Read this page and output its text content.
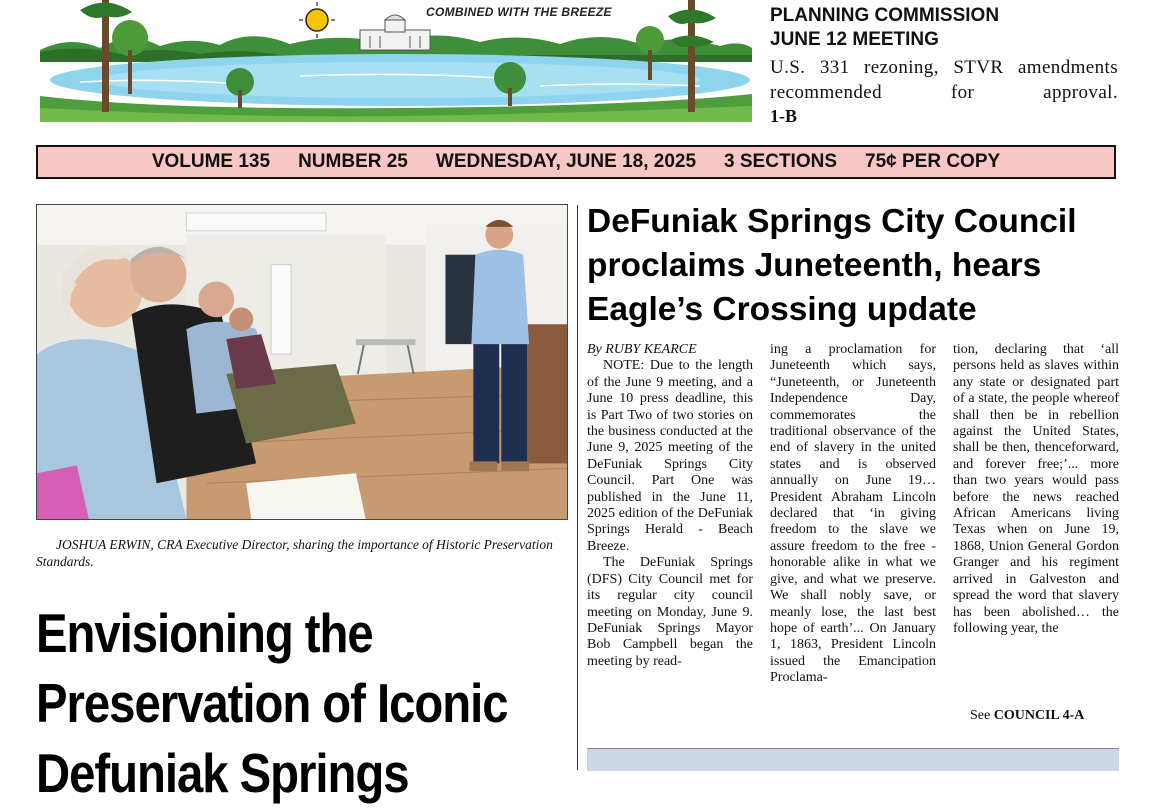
COMBINED WITH THE BREEZE	PLANNING COMMISSION
JUNE 12 MEETING
U.S. 331 rezoning, STVR amendments recommended for approval.
1-B
VOLUME 135 NUMBER 25 WEDNESDAY, JUNE 18, 2025 3 SECTIONS 75¢ PER COPY
JOSHUA ERWIN, CRA Executive Director, sharing the importance of Historic Preservation Standards.
Envisioning the
Preservation of Iconic
Defuniak Springs
DeFuniak Springs City Council
proclaims Juneteenth, hears
Eagle’s Crossing update

By RUBY KEARCE

NOTE: Due to the length of the June 9 meeting, and a June 10 press deadline, this is Part Two of two stories on the business conducted at the June 9, 2025 meeting of the DeFuniak Springs City Council. Part One was published in the June 11, 2025 edition of the DeFuniak Springs Herald - Beach Breeze.

The DeFuniak Springs (DFS) City Council met for its regular city council meeting on Monday, June 9. DeFuniak Springs Mayor Bob Campbell began the meeting by read-

ing a proclamation for Juneteenth which says, “Juneteenth, or Juneteenth Independence Day, commemorates the traditional observance of the end of slavery in the united states and is observed annually on June 19… President Abraham Lincoln declared that ‘in giving freedom to the slave we assure freedom to the free - honorable alike in what we give, and what we preserve. We shall nobly save, or meanly lose, the last best hope of earth’... On January 1, 1863, President Lincoln issued the Emancipation Proclama-

tion, declaring that ‘all persons held as slaves within any state or designated part of a state, the people whereof shall then be in rebellion against the United States, shall be then, thenceforward, and forever free;’... more than two years would pass before the news reached African Americans living Texas when on June 19, 1868, Union General Gordon Granger and his regiment arrived in Galveston and spread the word that slavery has been abolished… the following year, the

See COUNCIL 4-A
